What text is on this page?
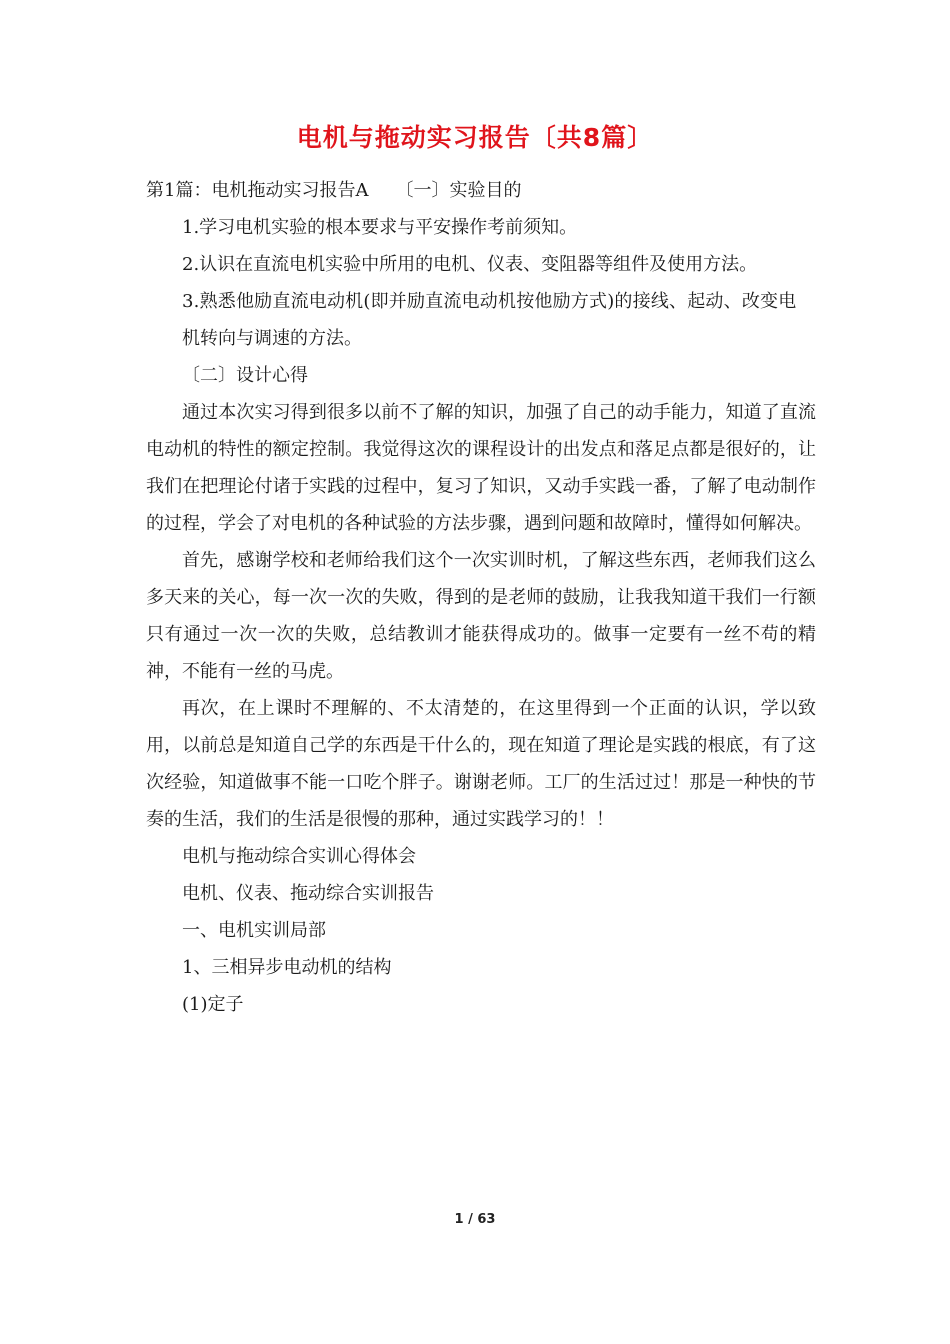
电机与拖动实习报告〔共8篇〕

第1篇：电机拖动实习报告A　　〔一〕实验目的

1.学习电机实验的根本要求与平安操作考前须知。

2.认识在直流电机实验中所用的电机、仪表、变阻器等组件及使用方法。

3.熟悉他励直流电动机(即并励直流电动机按他励方式)的接线、起动、改变电

机转向与调速的方法。

〔二〕设计心得

通过本次实习得到很多以前不了解的知识，加强了自己的动手能力，知道了直流电动机的特性的额定控制。我觉得这次的课程设计的出发点和落足点都是很好的，让我们在把理论付诸于实践的过程中，复习了知识，又动手实践一番，了解了电动制作的过程，学会了对电机的各种试验的方法步骤，遇到问题和故障时，懂得如何解决。

首先，感谢学校和老师给我们这个一次实训时机，了解这些东西，老师我们这么多天来的关心，每一次一次的失败，得到的是老师的鼓励，让我我知道干我们一行额只有通过一次一次的失败，总结教训才能获得成功的。做事一定要有一丝不苟的精神，不能有一丝的马虎。

再次，在上课时不理解的、不太清楚的，在这里得到一个正面的认识，学以致用，以前总是知道自己学的东西是干什么的，现在知道了理论是实践的根底，有了这次经验，知道做事不能一口吃个胖子。谢谢老师。工厂的生活过过！那是一种快的节奏的生活，我们的生活是很慢的那种，通过实践学习的！！

电机与拖动综合实训心得体会

电机、仪表、拖动综合实训报告

一、电机实训局部

1、三相异步电动机的结构

(1)定子

1 / 63
